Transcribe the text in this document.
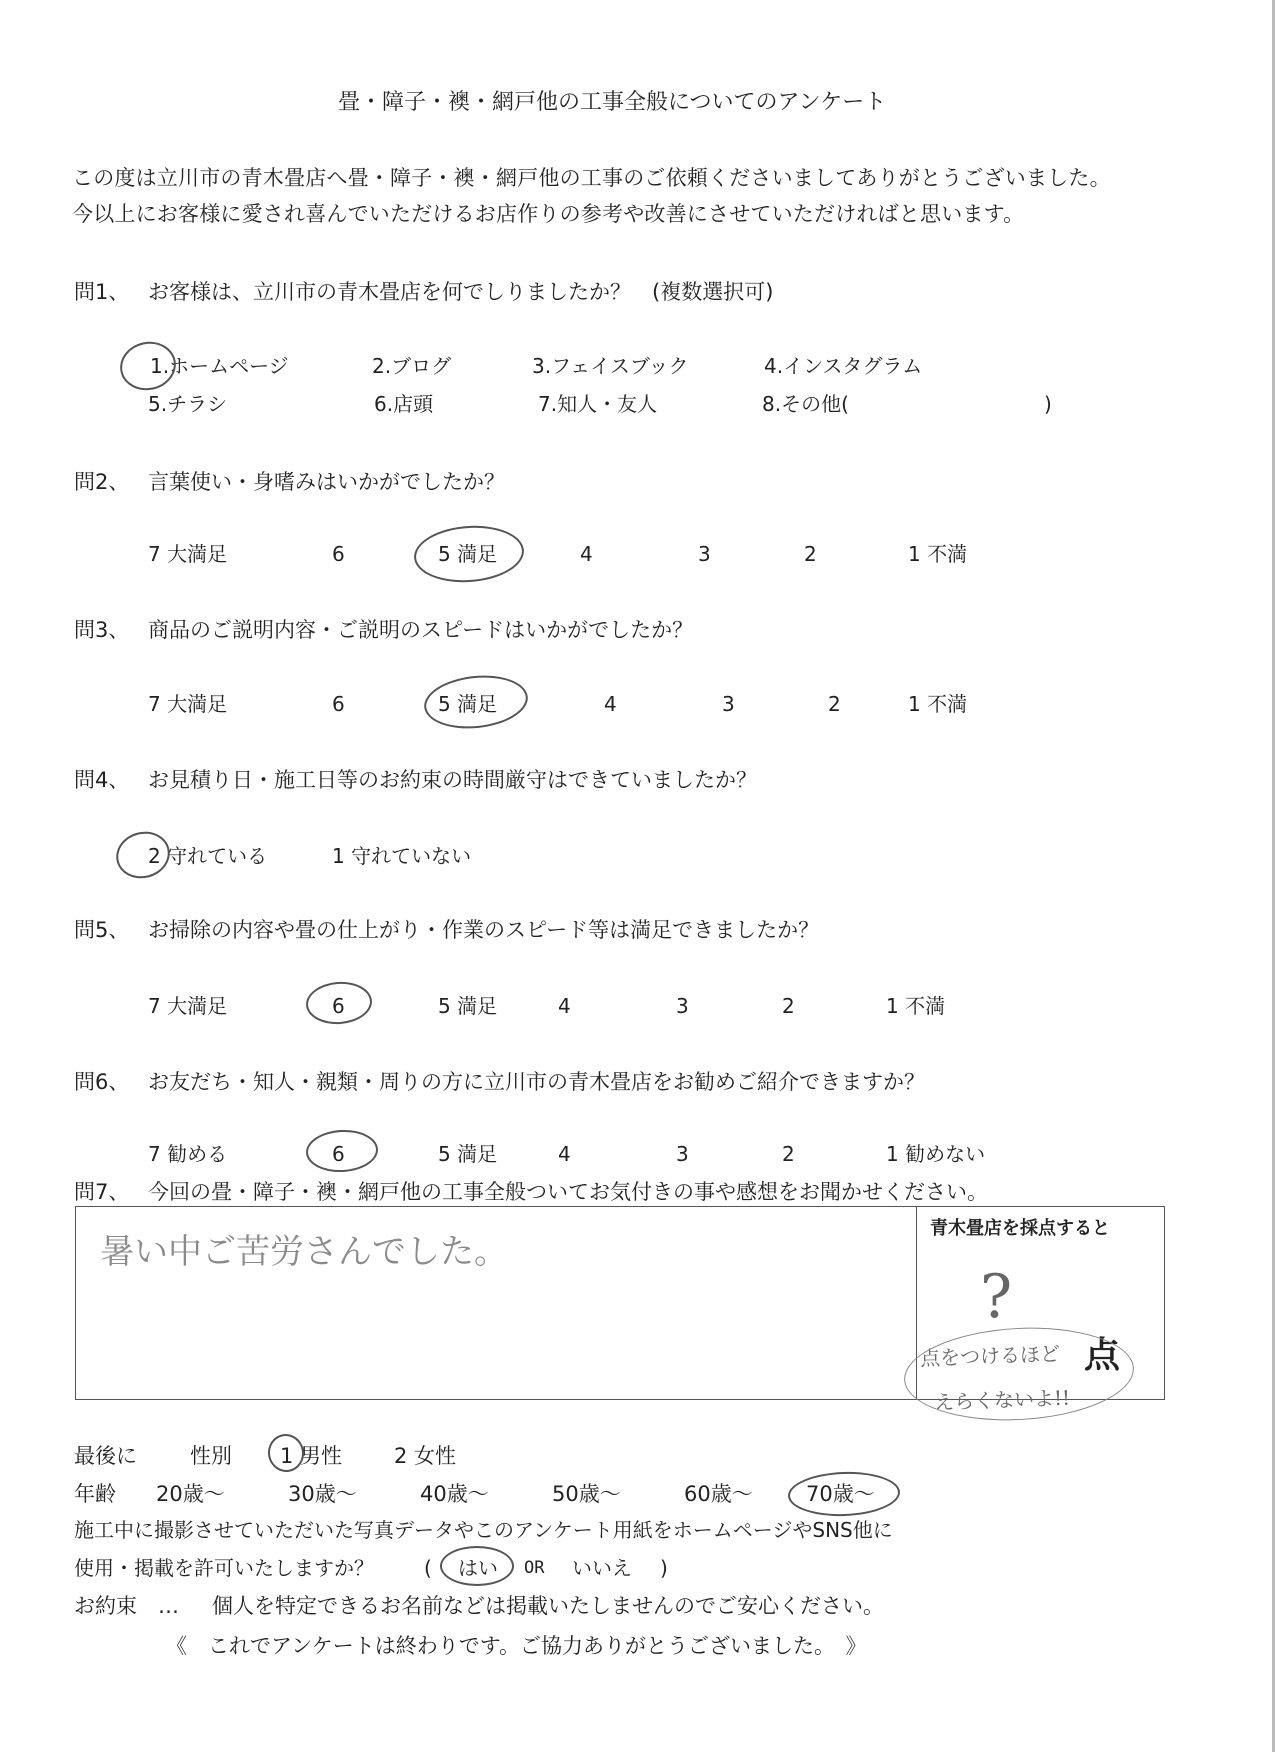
畳・障子・襖・網戸他の工事全般についてのアンケート
この度は立川市の青木畳店へ畳・障子・襖・網戸他の工事のご依頼くださいましてありがとうございました。
今以上にお客様に愛され喜んでいただけるお店作りの参考や改善にさせていただければと思います。
問1、 お客様は、立川市の青木畳店を何でしりましたか？　(複数選択可)
1.ホームページ	2.ブログ	3.フェイスブック	4.インスタグラム
5.チラシ	6.店頭	7.知人・友人	8.その他(	)
問2、 言葉使い・身嗜みはいかがでしたか？
7 大満足	6	5 満足	4	3	2	1 不満
問3、 商品のご説明内容・ご説明のスピードはいかがでしたか？
7 大満足	6	5 満足	4	3	2	1 不満
問4、 お見積り日・施工日等のお約束の時間厳守はできていましたか？
2 守れている	1 守れていない
問5、 お掃除の内容や畳の仕上がり・作業のスピード等は満足できましたか？
7 大満足	6	5 満足	4	3	2	1 不満
問6、 お友だち・知人・親類・周りの方に立川市の青木畳店をお勧めご紹介できますか？
7 勧める	6	5 満足	4	3	2	1 勧めない
問7、 今回の畳・障子・襖・網戸他の工事全般ついてお気付きの事や感想をお聞かせください。
暑い中ご苦労さんでした。
青木畳店を採点すると
?
点
点をつけるほど
えらくないよ!!
最後に	性別 1 男性 2 女性
年齢 20歳～	30歳～	40歳～	50歳～	60歳～	70歳～
施工中に撮影させていただいた写真データやこのアンケート用紙をホームページやSNS他に
使用・掲載を許可いたしますか？	( はい OR いいえ )
お約束　… 個人を特定できるお名前などは掲載いたしませんのでご安心ください。
《　これでアンケートは終わりです。ご協力ありがとうございました。　》
